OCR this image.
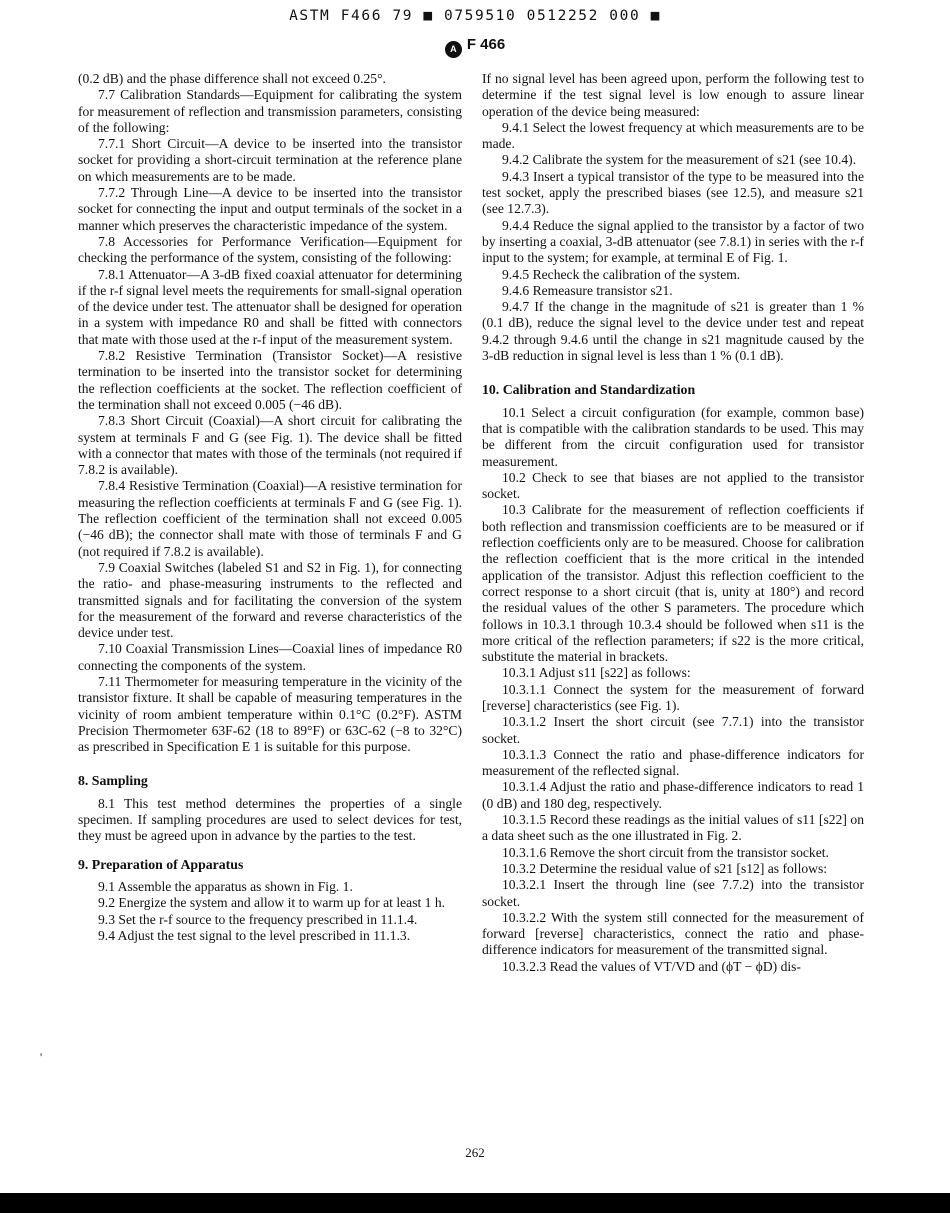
ASTM F466 79 ■ 0759510 0512252 000 ■
A F 466

(0.2 dB) and the phase difference shall not exceed 0.25°.

7.7 Calibration Standards—Equipment for calibrating the system for measurement of reflection and transmission parameters, consisting of the following:

7.7.1 Short Circuit—A device to be inserted into the transistor socket for providing a short-circuit termination at the reference plane on which measurements are to be made.

7.7.2 Through Line—A device to be inserted into the transistor socket for connecting the input and output terminals of the socket in a manner which preserves the characteristic impedance of the system.

7.8 Accessories for Performance Verification—Equipment for checking the performance of the system, consisting of the following:

7.8.1 Attenuator—A 3-dB fixed coaxial attenuator for determining if the r-f signal level meets the requirements for small-signal operation of the device under test. The attenuator shall be designed for operation in a system with impedance R0 and shall be fitted with connectors that mate with those used at the r-f input of the measurement system.

7.8.2 Resistive Termination (Transistor Socket)—A resistive termination to be inserted into the transistor socket for determining the reflection coefficients at the socket. The reflection coefficient of the termination shall not exceed 0.005 (−46 dB).

7.8.3 Short Circuit (Coaxial)—A short circuit for calibrating the system at terminals F and G (see Fig. 1). The device shall be fitted with a connector that mates with those of the terminals (not required if 7.8.2 is available).

7.8.4 Resistive Termination (Coaxial)—A resistive termination for measuring the reflection coefficients at terminals F and G (see Fig. 1). The reflection coefficient of the termination shall not exceed 0.005 (−46 dB); the connector shall mate with those of terminals F and G (not required if 7.8.2 is available).

7.9 Coaxial Switches (labeled S1 and S2 in Fig. 1), for connecting the ratio- and phase-measuring instruments to the reflected and transmitted signals and for facilitating the conversion of the system for the measurement of the forward and reverse characteristics of the device under test.

7.10 Coaxial Transmission Lines—Coaxial lines of impedance R0 connecting the components of the system.

7.11 Thermometer for measuring temperature in the vicinity of the transistor fixture. It shall be capable of measuring temperatures in the vicinity of room ambient temperature within 0.1°C (0.2°F). ASTM Precision Thermometer 63F-62 (18 to 89°F) or 63C-62 (−8 to 32°C) as prescribed in Specification E 1 is suitable for this purpose.

8. Sampling

8.1 This test method determines the properties of a single specimen. If sampling procedures are used to select devices for test, they must be agreed upon in advance by the parties to the test.

9. Preparation of Apparatus

9.1 Assemble the apparatus as shown in Fig. 1.

9.2 Energize the system and allow it to warm up for at least 1 h.

9.3 Set the r-f source to the frequency prescribed in 11.1.4.

9.4 Adjust the test signal to the level prescribed in 11.1.3.

If no signal level has been agreed upon, perform the following test to determine if the test signal level is low enough to assure linear operation of the device being measured:

9.4.1 Select the lowest frequency at which measurements are to be made.

9.4.2 Calibrate the system for the measurement of s21 (see 10.4).

9.4.3 Insert a typical transistor of the type to be measured into the test socket, apply the prescribed biases (see 12.5), and measure s21 (see 12.7.3).

9.4.4 Reduce the signal applied to the transistor by a factor of two by inserting a coaxial, 3-dB attenuator (see 7.8.1) in series with the r-f input to the system; for example, at terminal E of Fig. 1.

9.4.5 Recheck the calibration of the system.

9.4.6 Remeasure transistor s21.

9.4.7 If the change in the magnitude of s21 is greater than 1 % (0.1 dB), reduce the signal level to the device under test and repeat 9.4.2 through 9.4.6 until the change in s21 magnitude caused by the 3-dB reduction in signal level is less than 1 % (0.1 dB).

10. Calibration and Standardization

10.1 Select a circuit configuration (for example, common base) that is compatible with the calibration standards to be used. This may be different from the circuit configuration used for transistor measurement.

10.2 Check to see that biases are not applied to the transistor socket.

10.3 Calibrate for the measurement of reflection coefficients if both reflection and transmission coefficients are to be measured or if reflection coefficients only are to be measured. Choose for calibration the reflection coefficient that is the more critical in the intended application of the transistor. Adjust this reflection coefficient to the correct response to a short circuit (that is, unity at 180°) and record the residual values of the other S parameters. The procedure which follows in 10.3.1 through 10.3.4 should be followed when s11 is the more critical of the reflection parameters; if s22 is the more critical, substitute the material in brackets.

10.3.1 Adjust s11 [s22] as follows:

10.3.1.1 Connect the system for the measurement of forward [reverse] characteristics (see Fig. 1).

10.3.1.2 Insert the short circuit (see 7.7.1) into the transistor socket.

10.3.1.3 Connect the ratio and phase-difference indicators for measurement of the reflected signal.

10.3.1.4 Adjust the ratio and phase-difference indicators to read 1 (0 dB) and 180 deg, respectively.

10.3.1.5 Record these readings as the initial values of s11 [s22] on a data sheet such as the one illustrated in Fig. 2.

10.3.1.6 Remove the short circuit from the transistor socket.

10.3.2 Determine the residual value of s21 [s12] as follows:

10.3.2.1 Insert the through line (see 7.7.2) into the transistor socket.

10.3.2.2 With the system still connected for the measurement of forward [reverse] characteristics, connect the ratio and phase-difference indicators for measurement of the transmitted signal.

10.3.2.3 Read the values of VT/VD and (ϕT − ϕD) dis-

'
262
